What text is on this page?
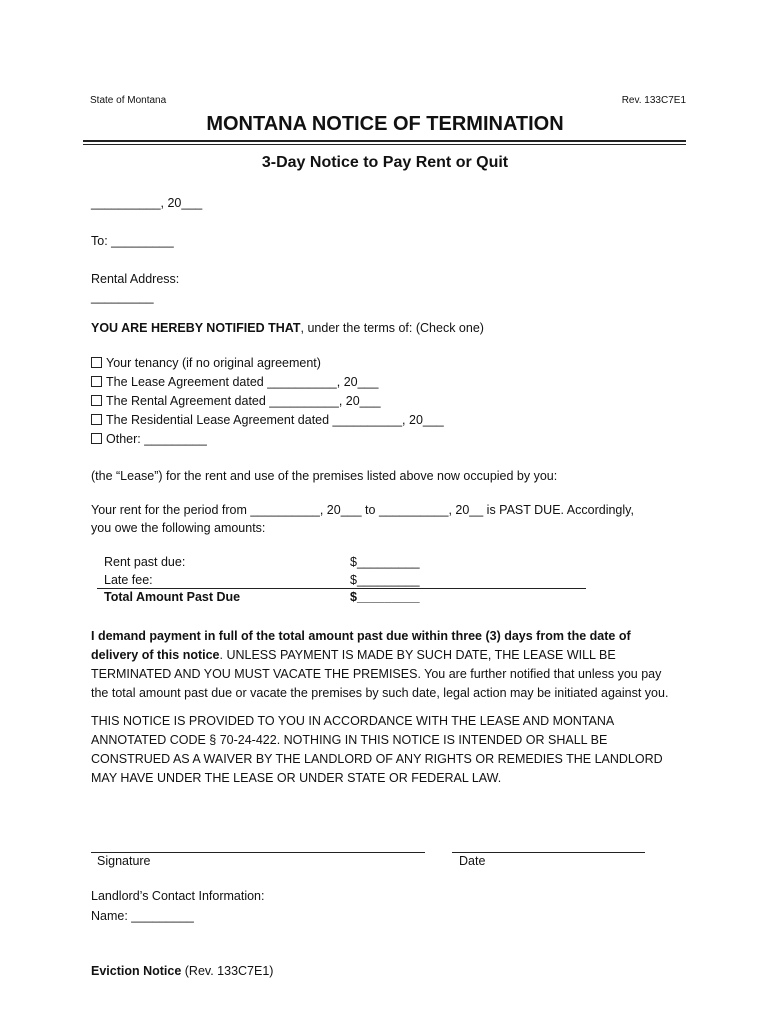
State of Montana	Rev. 133C7E1
MONTANA NOTICE OF TERMINATION
3-Day Notice to Pay Rent or Quit
__________, 20___
To: _________
Rental Address:
_________
YOU ARE HEREBY NOTIFIED THAT, under the terms of: (Check one)
Your tenancy (if no original agreement)
The Lease Agreement dated __________, 20___
The Rental Agreement dated __________, 20___
The Residential Lease Agreement dated __________, 20___
Other: _________
(the “Lease”) for the rent and use of the premises listed above now occupied by you:
Your rent for the period from __________, 20___ to __________, 20__ is PAST DUE. Accordingly,
you owe the following amounts:
Rent past due:	$_________
Late fee:	$_________
Total Amount Past Due	$_________
I demand payment in full of the total amount past due within three (3) days from the date of
delivery of this notice. UNLESS PAYMENT IS MADE BY SUCH DATE, THE LEASE WILL BE
TERMINATED AND YOU MUST VACATE THE PREMISES. You are further notified that unless you pay
the total amount past due or vacate the premises by such date, legal action may be initiated against you.
THIS NOTICE IS PROVIDED TO YOU IN ACCORDANCE WITH THE LEASE AND MONTANA
ANNOTATED CODE § 70-24-422. NOTHING IN THIS NOTICE IS INTENDED OR SHALL BE
CONSTRUED AS A WAIVER BY THE LANDLORD OF ANY RIGHTS OR REMEDIES THE LANDLORD
MAY HAVE UNDER THE LEASE OR UNDER STATE OR FEDERAL LAW.
Signature	Date
Landlord’s Contact Information:
Name: _________
Eviction Notice (Rev. 133C7E1)
